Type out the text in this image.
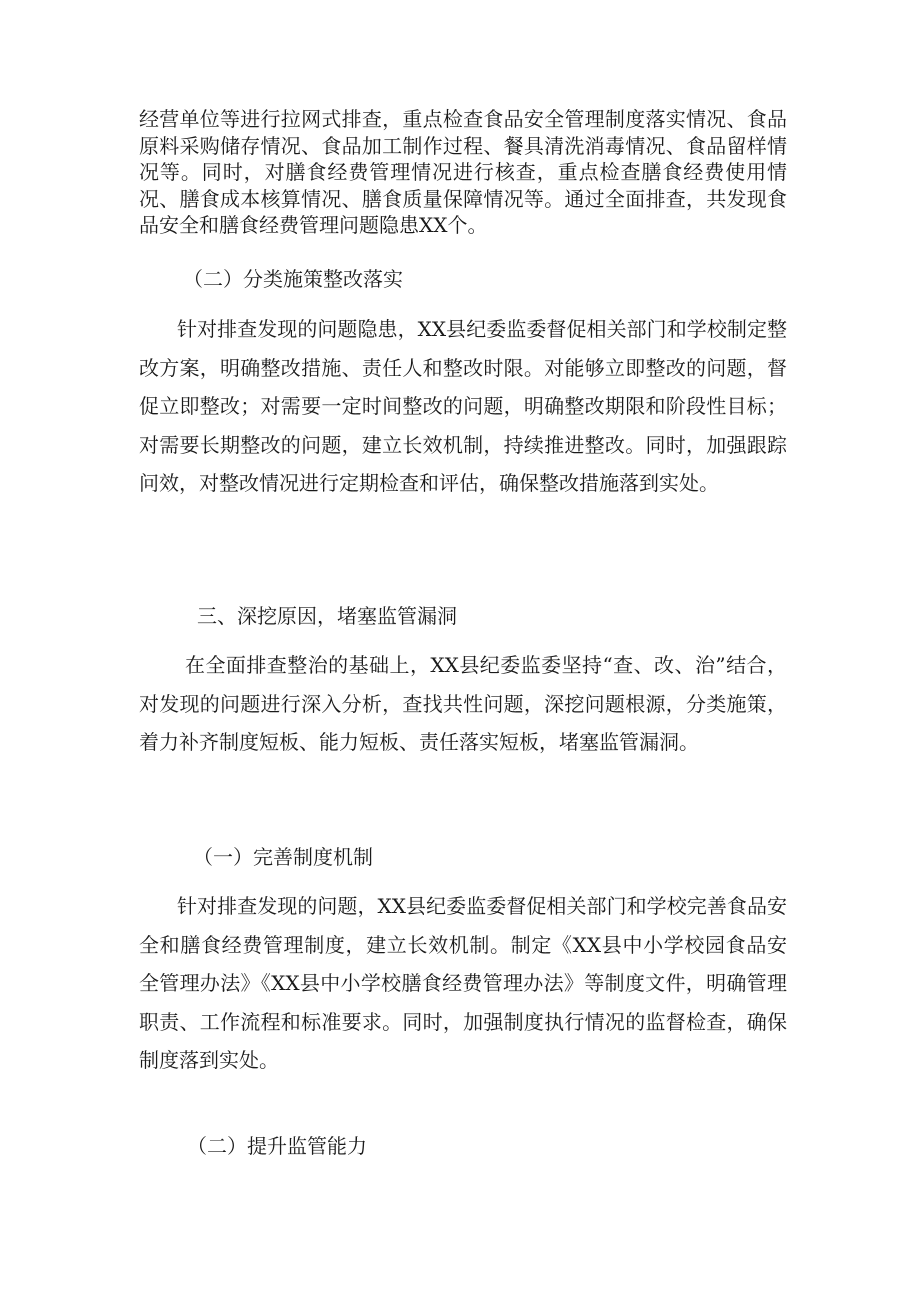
经营单位等进行拉网式排查，重点检查食品安全管理制度落实情况、食品原料采购储存情况、食品加工制作过程、餐具清洗消毒情况、食品留样情况等。同时，对膳食经费管理情况进行核查，重点检查膳食经费使用情况、膳食成本核算情况、膳食质量保障情况等。通过全面排查，共发现食品安全和膳食经费管理问题隐患XX个。

（二）分类施策整改落实

针对排查发现的问题隐患，XX县纪委监委督促相关部门和学校制定整改方案，明确整改措施、责任人和整改时限。对能够立即整改的问题，督促立即整改；对需要一定时间整改的问题，明确整改期限和阶段性目标；对需要长期整改的问题，建立长效机制，持续推进整改。同时，加强跟踪问效，对整改情况进行定期检查和评估，确保整改措施落到实处。

三、深挖原因，堵塞监管漏洞

在全面排查整治的基础上，XX县纪委监委坚持“查、改、治”结合，对发现的问题进行深入分析，查找共性问题，深挖问题根源，分类施策，着力补齐制度短板、能力短板、责任落实短板，堵塞监管漏洞。

（一）完善制度机制

针对排查发现的问题，XX县纪委监委督促相关部门和学校完善食品安全和膳食经费管理制度，建立长效机制。制定《XX县中小学校园食品安全管理办法》《XX县中小学校膳食经费管理办法》等制度文件，明确管理职责、工作流程和标准要求。同时，加强制度执行情况的监督检查，确保制度落到实处。

（二）提升监管能力
